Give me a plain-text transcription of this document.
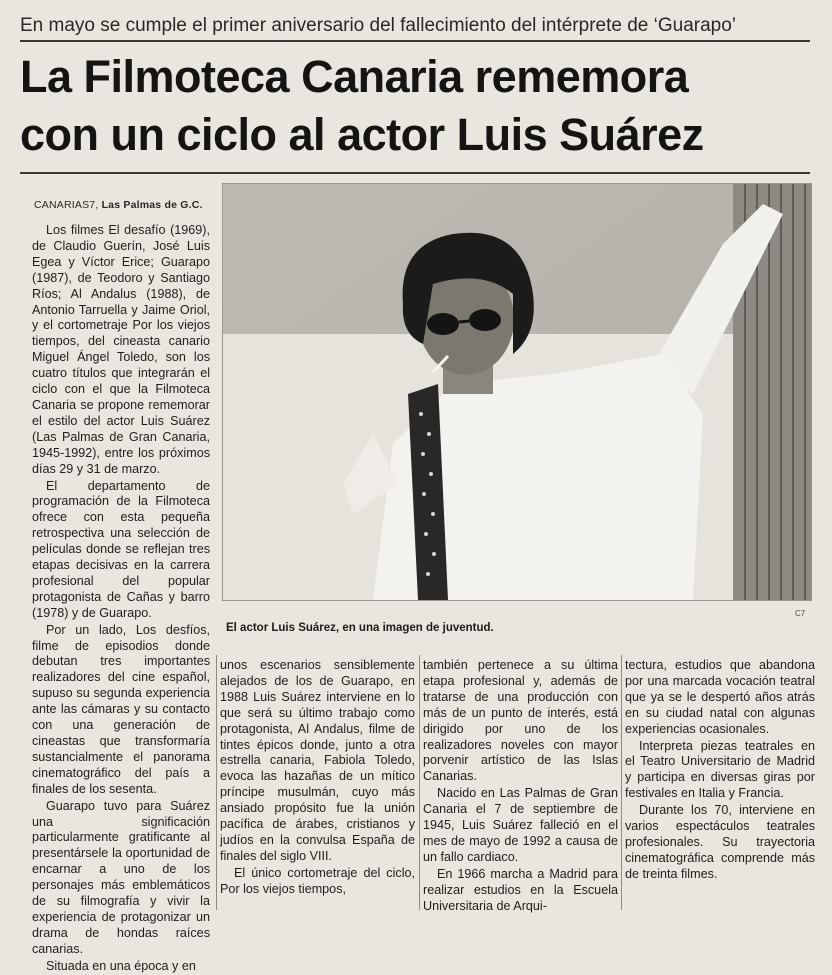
En mayo se cumple el primer aniversario del fallecimiento del intérprete de ‘Guarapo’
La Filmoteca Canaria rememora
con un ciclo al actor Luis Suárez
CANARIAS7, Las Palmas de G.C.
C7
El actor Luis Suárez, en una imagen de juventud.

Los filmes El desafío (1969), de Claudio Guerín, José Luis Egea y Víctor Erice; Guarapo (1987), de Teodoro y Santiago Ríos; Al Andalus (1988), de Antonio Tarruella y Jaime Oriol, y el cortometraje Por los viejos tiempos, del cineasta canario Miguel Ángel Toledo, son los cuatro títulos que integrarán el ciclo con el que la Filmoteca Canaria se propone rememorar el estilo del actor Luis Suárez (Las Palmas de Gran Canaria, 1945-1992), entre los próximos días 29 y 31 de marzo.

El departamento de programación de la Filmoteca ofrece con esta pequeña retrospectiva una selección de películas donde se reflejan tres etapas decisivas en la carrera profesional del popular protagonista de Cañas y barro (1978) y de Guarapo.

Por un lado, Los desfíos, filme de episodios donde debutan tres importantes realizadores del cine español, supuso su segunda experiencia ante las cámaras y su contacto con una generación de cineastas que transformaría sustancialmente el panorama cinematográfico del país a finales de los sesenta.

Guarapo tuvo para Suárez una significación particularmente gratificante al presentársele la oportunidad de encarnar a uno de los personajes más emblemáticos de su filmografía y vivir la experiencia de protagonizar un drama de hondas raíces canarias.

Situada en una época y en

unos escenarios sensiblemente alejados de los de Guarapo, en 1988 Luis Suárez interviene en lo que será su último trabajo como protagonista, Al Andalus, filme de tintes épicos donde, junto a otra estrella canaria, Fabiola Toledo, evoca las hazañas de un mítico príncipe musulmán, cuyo más ansiado propósito fue la unión pacífica de árabes, cristianos y judíos en la convulsa España de finales del siglo VIII.

El único cortometraje del ciclo, Por los viejos tiempos,

también pertenece a su última etapa profesional y, además de tratarse de una producción con más de un punto de interés, está dirigido por uno de los realizadores noveles con mayor porvenir artístico de las Islas Canarias.

Nacido en Las Palmas de Gran Canaria el 7 de septiembre de 1945, Luis Suárez falleció en el mes de mayo de 1992 a causa de un fallo cardiaco.

En 1966 marcha a Madrid para realizar estudios en la Escuela Universitaria de Arqui-

tectura, estudios que abandona por una marcada vocación teatral que ya se le despertó años atrás en su ciudad natal con algunas experiencias ocasionales.

Interpreta piezas teatrales en el Teatro Universitario de Madrid y participa en diversas giras por festivales en Italia y Francia.

Durante los 70, interviene en varios espectáculos teatrales profesionales. Su trayectoria cinematográfica comprende más de treinta filmes.
